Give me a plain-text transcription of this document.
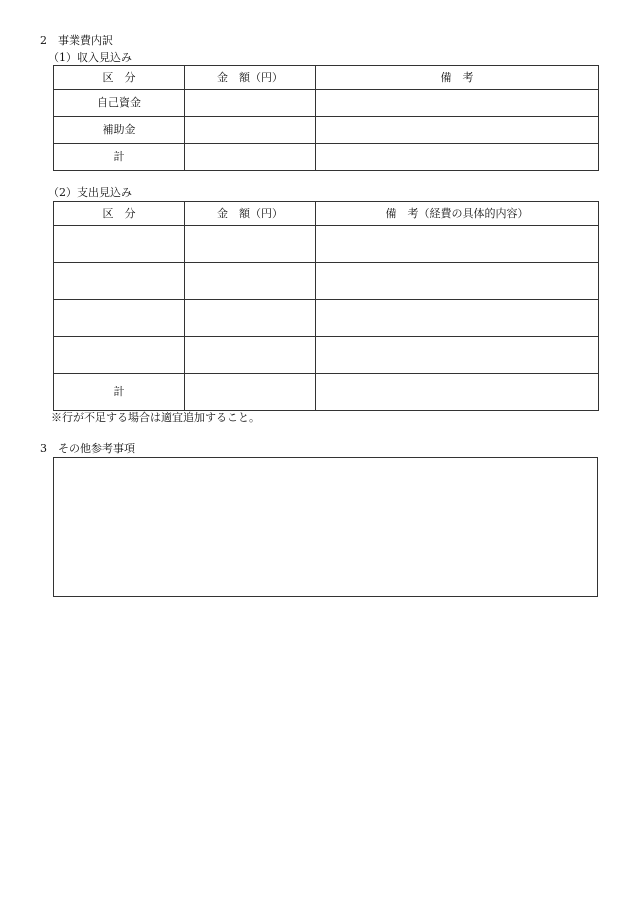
2　事業費内訳
（1）収入見込み
区　分	金　額（円）	備　考
自己資金		
補助金		
計		
（2）支出見込み
区　分	金　額（円）	備　考（経費の具体的内容）

計		
※行が不足する場合は適宜追加すること。
3　その他参考事項
